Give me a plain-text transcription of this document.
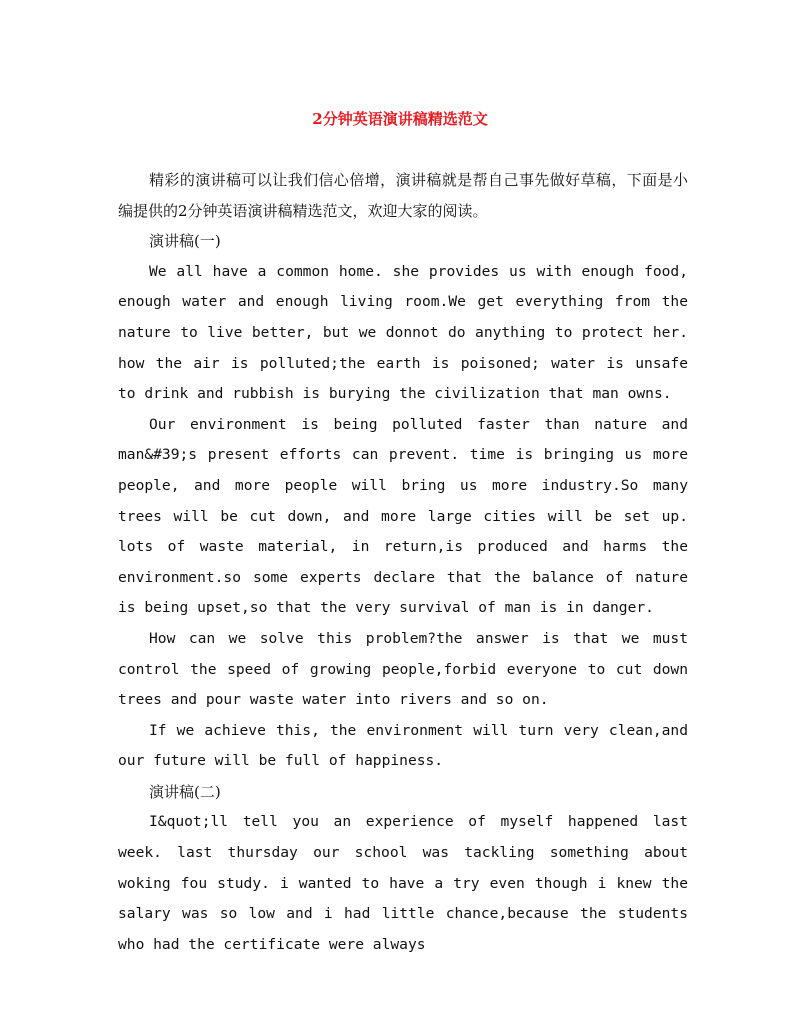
2分钟英语演讲稿精选范文

精彩的演讲稿可以让我们信心倍增，演讲稿就是帮自己事先做好草稿，下面是小编提供的2分钟英语演讲稿精选范文，欢迎大家的阅读。

演讲稿(一)

We all have a common home. she provides us with enough food, enough water and enough living room.We get everything from the nature to live better, but we donnot do anything to protect her. how the air is polluted;the earth is poisoned; water is unsafe to drink and rubbish is burying the civilization that man owns.

Our environment is being polluted faster than nature and man&#39;s present efforts can prevent. time is bringing us more people, and more people will bring us more industry.So many trees will be cut down, and more large cities will be set up. lots of waste material, in return,is produced and harms the environment.so some experts declare that the balance of nature is being upset,so that the very survival of man is in danger.

How can we solve this problem?the answer is that we must control the speed of growing people,forbid everyone to cut down trees and pour waste water into rivers and so on.

If we achieve this, the environment will turn very clean,and our future will be full of happiness.

演讲稿(二)

I&quot;ll tell you an experience of myself happened last week. last thursday our school was tackling something about woking fou study. i wanted to have a try even though i knew the salary was so low and i had little chance,because the students who had the certificate were always
